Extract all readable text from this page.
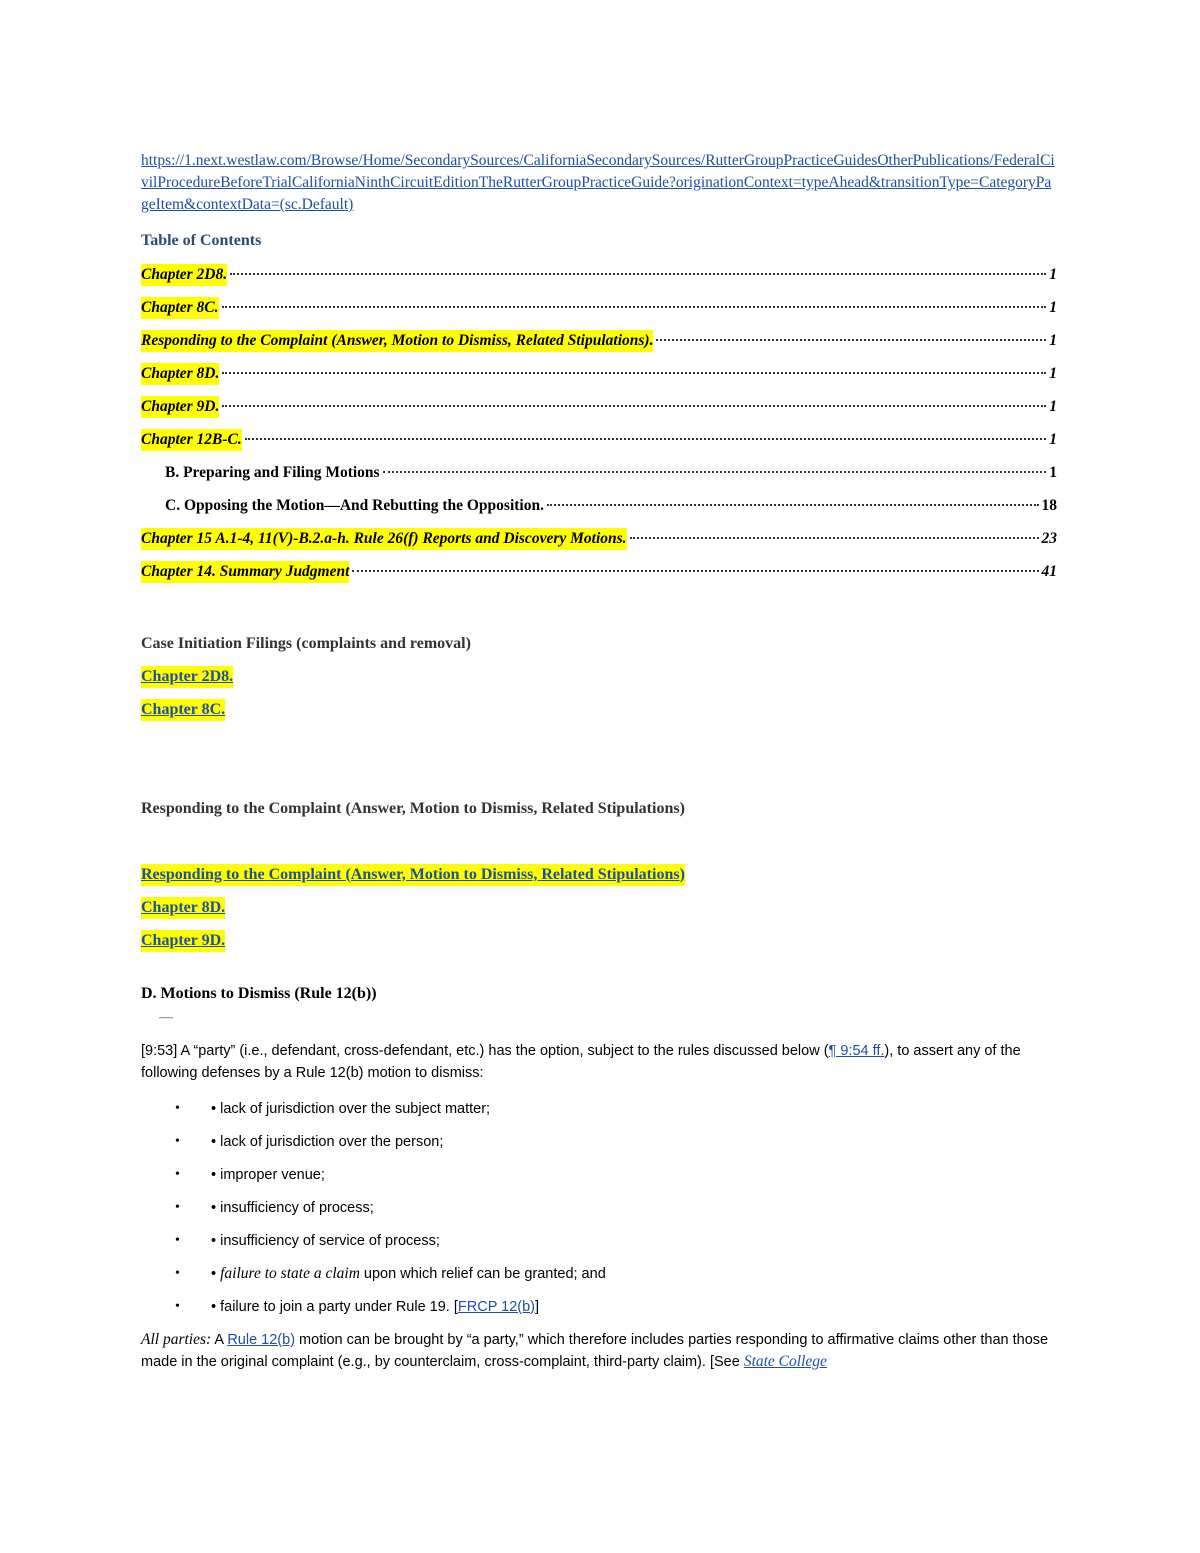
https://1.next.westlaw.com/Browse/Home/SecondarySources/CaliforniaSecondarySources/RutterGroupPracticeGuidesOtherPublications/FederalCivilProcedureBeforeTrialCaliforniaNinthCircuitEditionTheRutterGroupPracticeGuide?originationContext=typeAhead&transitionType=CategoryPageItem&contextData=(sc.Default)
Table of Contents
Chapter 2D8.	1
Chapter 8C.	1
Responding to the Complaint (Answer, Motion to Dismiss, Related Stipulations).	1
Chapter 8D.	1
Chapter 9D.	1
Chapter 12B-C.	1
B. Preparing and Filing Motions	1
C. Opposing the Motion—And Rebutting the Opposition.	18
Chapter 15 A.1-4, 11(V)-B.2.a-h. Rule 26(f) Reports and Discovery Motions.	23
Chapter 14. Summary Judgment	41
Case Initiation Filings (complaints and removal)
Chapter 2D8.
Chapter 8C.
Responding to the Complaint (Answer, Motion to Dismiss, Related Stipulations)
Responding to the Complaint (Answer, Motion to Dismiss, Related Stipulations)
Chapter 8D.
Chapter 9D.
D. Motions to Dismiss (Rule 12(b))
—
[9:53] A “party” (i.e., defendant, cross-defendant, etc.) has the option, subject to the rules discussed below (¶ 9:54 ff.), to assert any of the following defenses by a Rule 12(b) motion to dismiss:
•	• lack of jurisdiction over the subject matter;
•	• lack of jurisdiction over the person;
•	• improper venue;
•	• insufficiency of process;
•	• insufficiency of service of process;
•	• failure to state a claim upon which relief can be granted; and
•	• failure to join a party under Rule 19. [FRCP 12(b)]
All parties: A Rule 12(b) motion can be brought by “a party,” which therefore includes parties responding to affirmative claims other than those made in the original complaint (e.g., by counterclaim, cross-complaint, third-party claim). [See State College
